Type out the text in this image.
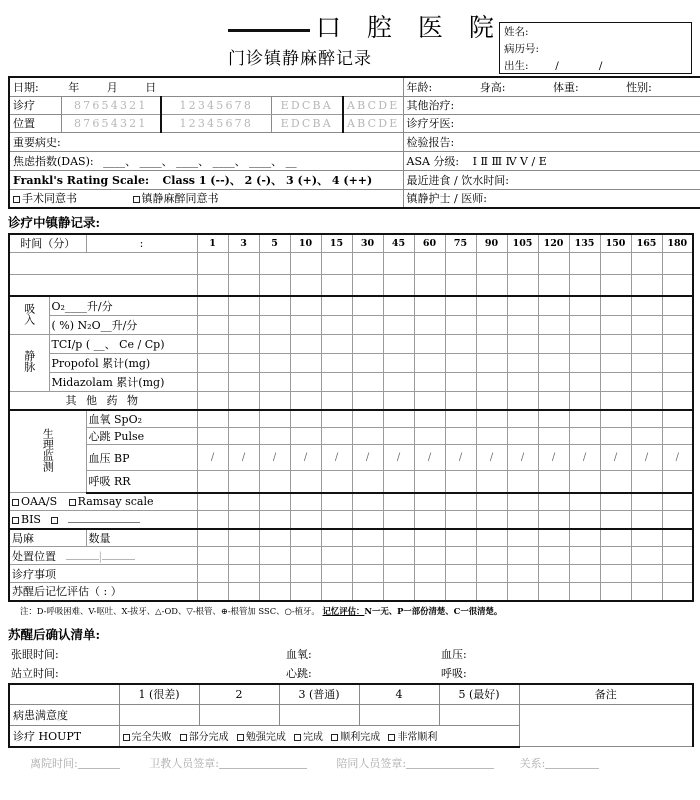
口 腔 医 院
门诊镇静麻醉记录
姓名:
病历号:
出生:        /            /
日期: 年 月 日					年龄: 身高: 体重: 性别:
诊疗	87654321	12345678	EDCBA	ABCDE	其他治疗:
位置	87654321	12345678	EDCBA	ABCDE	诊疗牙医:
重要病史:					检验报告:
焦虑指数(DAS): ____、 ____、 ____、 ____、 ____、 __					ASA 分级: Ⅰ Ⅱ Ⅲ Ⅳ Ⅴ / E
Frankl's Rating Scale: Class 1 (--)、 2 (-)、 3 (+)、 4 (++)					最近进食 / 饮水时间:
手术同意书 镇静麻醉同意书					镇静护士 / 医师:
诊疗中镇静记录:
时间（分）		:	1	3	5	10	15	30	45	60	75	90	105	120	135	150	165	180

吸入	O₂____升/分																	
	( %) N₂O__升/分																	
静脉	TCI/p ( __、 Ce / Cp)																	
	Propofol 累计(mg)																	
	Midazolam 累计(mg)																	
其 他 药 物																		
生理监测		血氧 SpO₂																
		心跳 Pulse																
		血压 BP	/	/	/	/	/	/	/	/	/	/	/	/	/	/	/	/
		呼吸 RR																
OAA/S Ramsay scale																		
BIS																		
局麻		数量																
处置位置 |																		
诊疗事项																		
苏醒后记忆评估（ : ）																		
注：D-呼吸困难、V-呕吐、X-拔牙、△-OD、▽-根管、⊕-根管加 SSC、○-植牙。 记忆评估：N一无、P一部份清楚、C一很清楚。
苏醒后确认清单:
张眼时间:	血氧:	血压:
站立时间:	心跳:	呼吸:
	1 (很差)	2	3 (普通)	4	5 (最好)	备注
病患满意度						
诊疗 HOUPT	完全失败 部分完成 勉强完成 完成 顺利完成 非常顺利					
离院时间:	卫教人员签章:	陪同人员签章:	关系:
